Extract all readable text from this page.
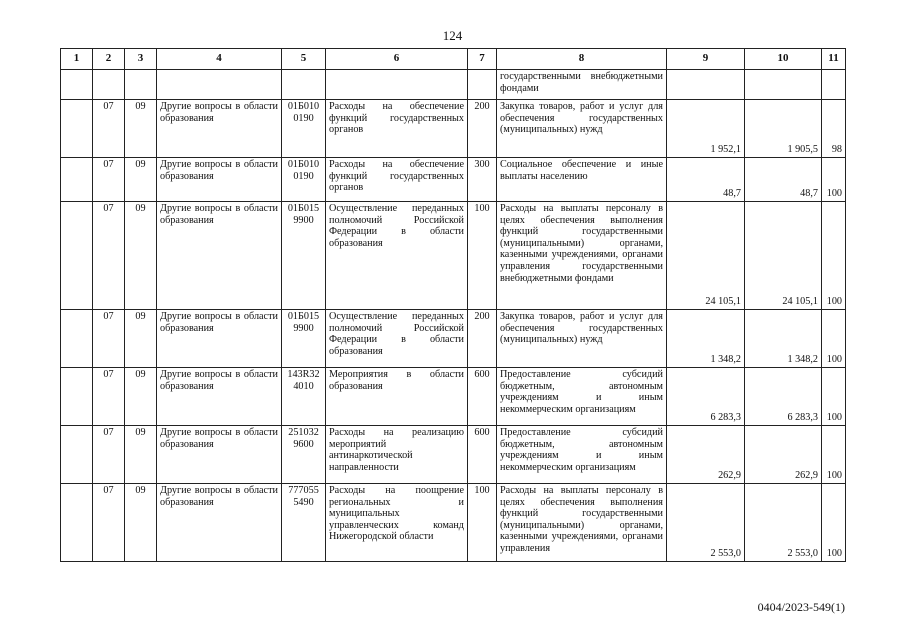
124
1	2	3	4	5	6	7	8	9	10	11
							государственными внебюджетными фондами			
	07	09	Другие вопросы в области образования	01Б010 0190	Расходы на обеспечение функций государственных органов	200	Закупка товаров, работ и услуг для обеспечения государственных (муниципальных) нужд	1 952,1	1 905,5	98
	07	09	Другие вопросы в области образования	01Б010 0190	Расходы на обеспечение функций государственных органов	300	Социальное обеспечение и иные выплаты населению	48,7	48,7	100
	07	09	Другие вопросы в области образования	01Б015 9900	Осуществление переданных полномочий Российской Федерации в области образования	100	Расходы на выплаты персоналу в целях обеспечения выполнения функций государственными (муниципальными) органами, казенными учреждениями, органами управления государственными внебюджетными фондами	24 105,1	24 105,1	100
	07	09	Другие вопросы в области образования	01Б015 9900	Осуществление переданных полномочий Российской Федерации в области образования	200	Закупка товаров, работ и услуг для обеспечения государственных (муниципальных) нужд	1 348,2	1 348,2	100
	07	09	Другие вопросы в области образования	143R32 4010	Мероприятия в области образования	600	Предоставление субсидий бюджетным, автономным учреждениям и иным некоммерческим организациям	6 283,3	6 283,3	100
	07	09	Другие вопросы в области образования	251032 9600	Расходы на реализацию мероприятий антинаркотической направленности	600	Предоставление субсидий бюджетным, автономным учреждениям и иным некоммерческим организациям	262,9	262,9	100
	07	09	Другие вопросы в области образования	777055 5490	Расходы на поощрение региональных и муниципальных управленческих команд Нижегородской области	100	Расходы на выплаты персоналу в целях обеспечения выполнения функций государственными (муниципальными) органами, казенными учреждениями, органами управления	2 553,0	2 553,0	100
0404/2023-549(1)
